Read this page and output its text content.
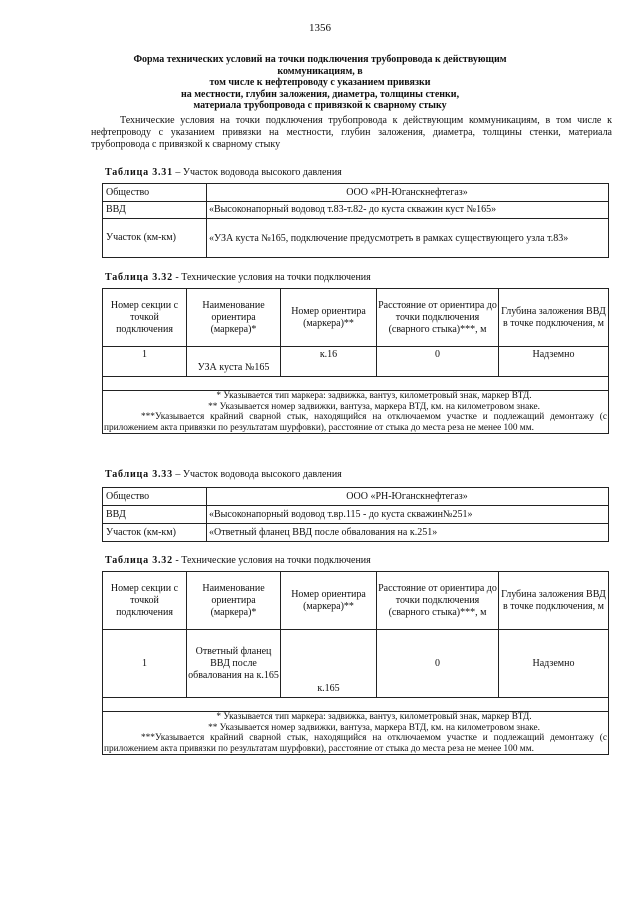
1356
Форма технических условий на точки подключения трубопровода к действующим коммуникациям, в
том числе к нефтепроводу с указанием привязки
на местности, глубин заложения, диаметра, толщины стенки,
материала трубопровода с привязкой к сварному стыку
Технические условия на точки подключения трубопровода к действующим коммуникациям, в том числе к нефтепроводу с указанием привязки на местности, глубин заложения, диаметра, толщины стенки, материала трубопровода с привязкой к сварному стыку
Таблица 3.31 – Участок водовода высокого давления
Общество	ООО «РН-Юганскнефтегаз»
ВВД	«Высоконапорный водовод т.83-т.82- до куста скважин куст №165»
Участок (км-км)	«УЗА куста №165, подключение предусмотреть в рамках существующего узла т.83»
Таблица 3.32 - Технические условия на точки подключения
Номер секции с точкой подключения	Наименование ориентира (маркера)*	Номер ориентира (маркера)**	Расстояние от ориентира до точки подключения (сварного стыка)***, м	Глубина заложения ВВД в точке подключения, м
1	УЗА куста №165	к.16	0	Надземно

* Указывается тип маркера: задвижка, вантуз, километровый знак, маркер ВТД.

** Указывается номер задвижки, вантуза, маркера ВТД, км. на километровом знаке.

***Указывается крайний сварной стык, находящийся на отключаемом участке и подлежащий демонтажу (с приложением акта привязки по результатам шурфовки), расстояние от стыка до места реза не менее 100 мм.				

Таблица 3.33 – Участок водовода высокого давления
Общество	ООО «РН-Юганскнефтегаз»
ВВД	«Высоконапорный водовод т.вр.115 - до куста скважин№251»
Участок (км-км)	«Ответный фланец ВВД после обвалования на к.251»
Таблица 3.32 - Технические условия на точки подключения
Номер секции с точкой подключения	Наименование ориентира (маркера)*	Номер ориентира (маркера)**	Расстояние от ориентира до точки подключения (сварного стыка)***, м	Глубина заложения ВВД в точке подключения, м
1	Ответный фланец ВВД после обвалования на к.165	к.165	0	Надземно

* Указывается тип маркера: задвижка, вантуз, километровый знак, маркер ВТД.

** Указывается номер задвижки, вантуза, маркера ВТД, км. на километровом знаке.

***Указывается крайний сварной стык, находящийся на отключаемом участке и подлежащий демонтажу (с приложением акта привязки по результатам шурфовки), расстояние от стыка до места реза не менее 100 мм.				
